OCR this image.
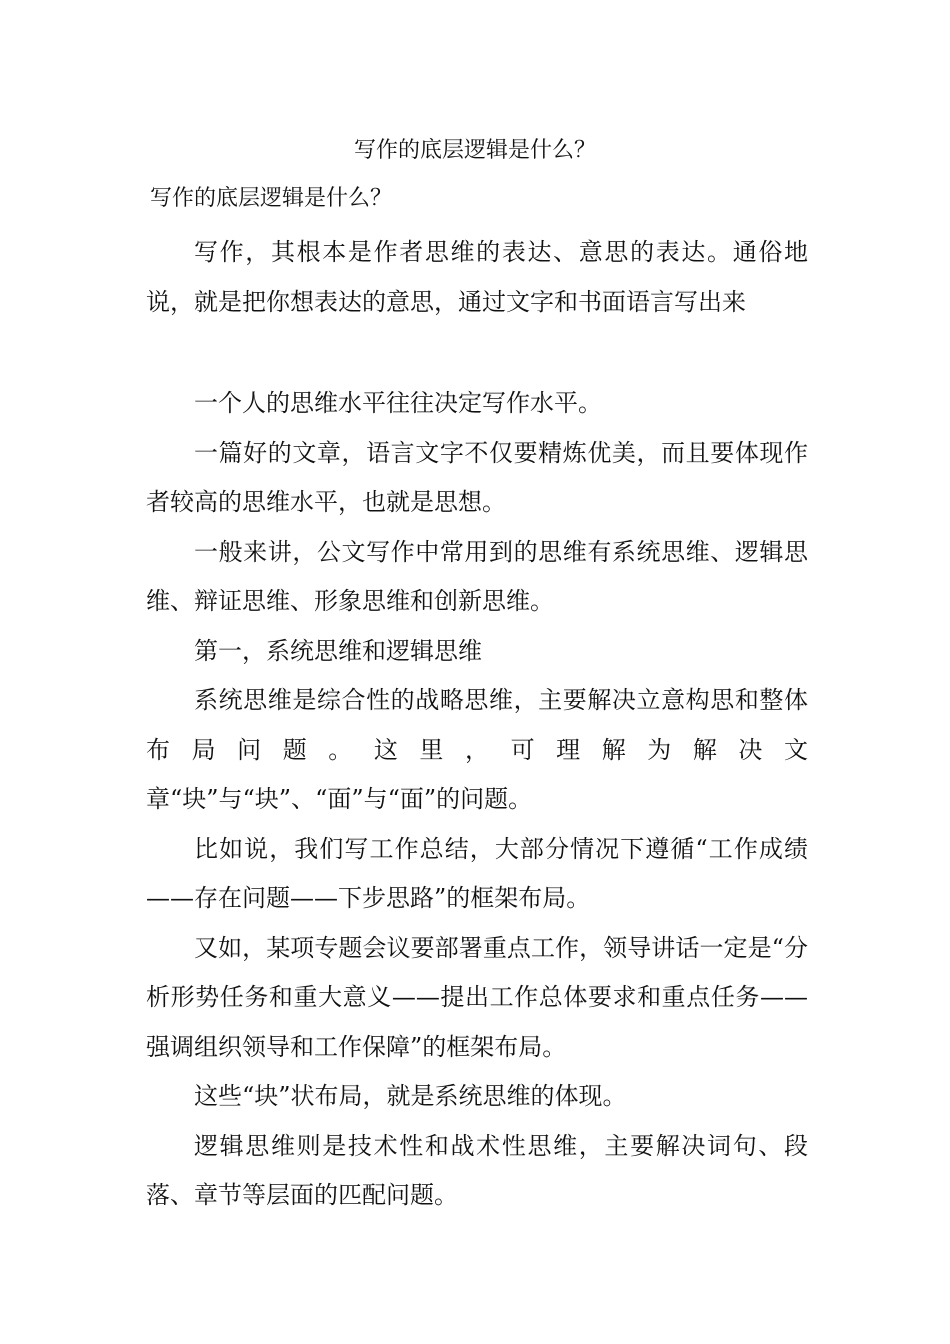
写作的底层逻辑是什么？
写作的底层逻辑是什么？

写作，其根本是作者思维的表达、意思的表达。通俗地说，就是把你想表达的意思，通过文字和书面语言写出来

一个人的思维水平往往决定写作水平。

一篇好的文章，语言文字不仅要精炼优美，而且要体现作者较高的思维水平，也就是思想。

一般来讲，公文写作中常用到的思维有系统思维、逻辑思维、辩证思维、形象思维和创新思维。

第一，系统思维和逻辑思维

系统思维是综合性的战略思维，主要解决立意构思和整体布局问题。这里，可理解为解决文章“块”与“块”、“面”与“面”的问题。

比如说，我们写工作总结，大部分情况下遵循“工作成绩——存在问题——下步思路”的框架布局。

又如，某项专题会议要部署重点工作，领导讲话一定是“分析形势任务和重大意义——提出工作总体要求和重点任务——强调组织领导和工作保障”的框架布局。

这些“块”状布局，就是系统思维的体现。

逻辑思维则是技术性和战术性思维，主要解决词句、段落、章节等层面的匹配问题。
